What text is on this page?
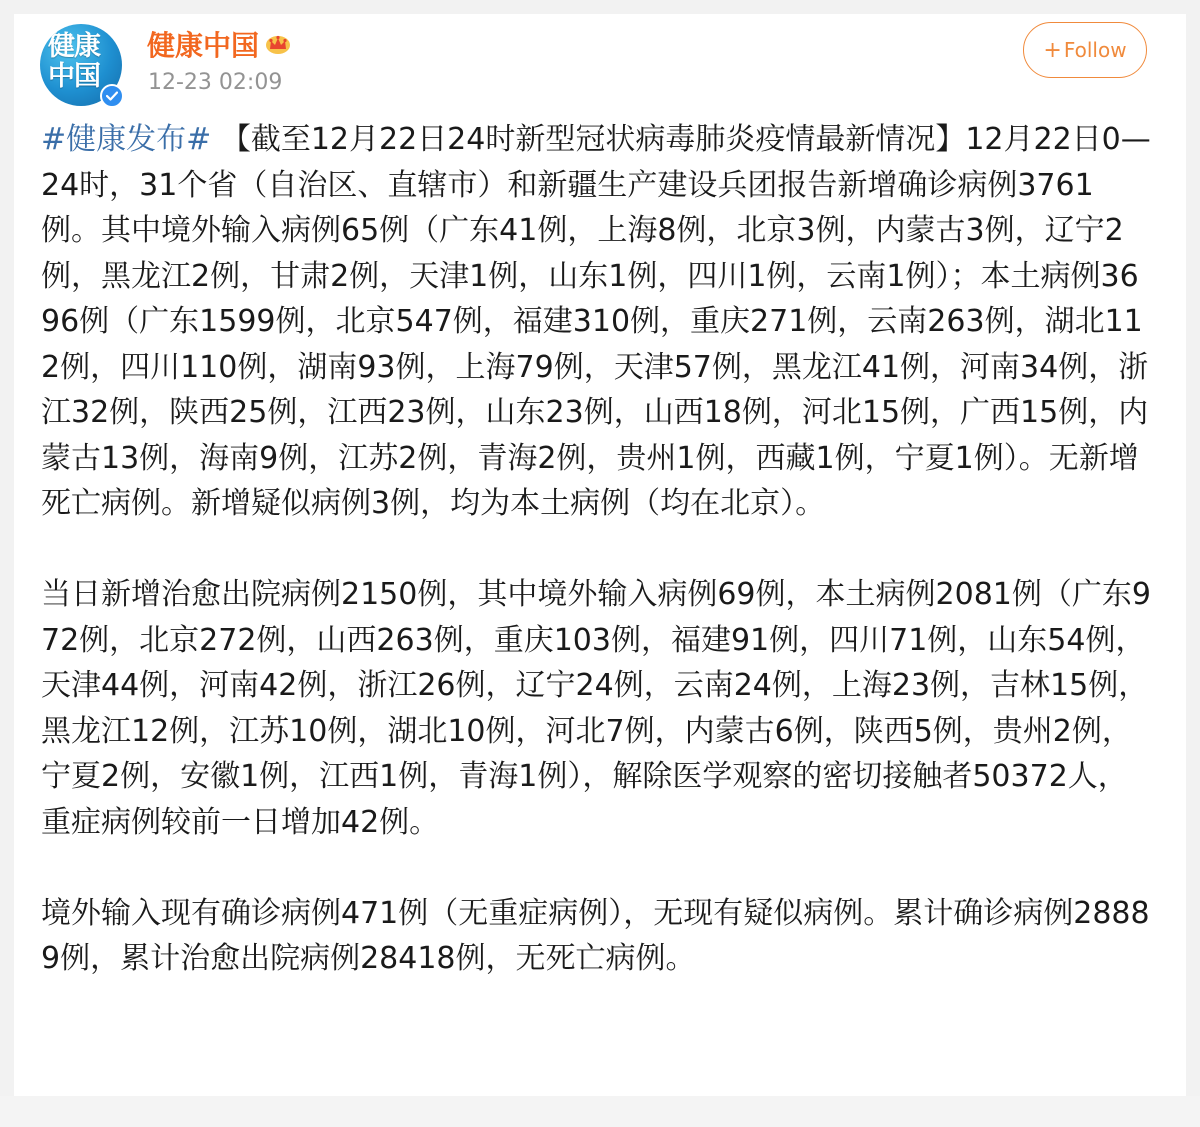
健康中国
健康中国
12-23 02:09
+ Follow

#健康发布# 【截至12月22日24时新型冠状病毒肺炎疫情最新情况】12月22日0—24时，31个省（自治区、直辖市）和新疆生产建设兵团报告新增确诊病例3761例。其中境外输入病例65例（广东41例，上海8例，北京3例，内蒙古3例，辽宁2例，黑龙江2例，甘肃2例，天津1例，山东1例，四川1例，云南1例）；本土病例3696例（广东1599例，北京547例，福建310例，重庆271例，云南263例，湖北112例，四川110例，湖南93例，上海79例，天津57例，黑龙江41例，河南34例，浙江32例，陕西25例，江西23例，山东23例，山西18例，河北15例，广西15例，内蒙古13例，海南9例，江苏2例，青海2例，贵州1例，西藏1例，宁夏1例）。无新增死亡病例。新增疑似病例3例，均为本土病例（均在北京）。

当日新增治愈出院病例2150例，其中境外输入病例69例，本土病例2081例（广东972例，北京272例，山西263例，重庆103例，福建91例，四川71例，山东54例，天津44例，河南42例，浙江26例，辽宁24例，云南24例，上海23例，吉林15例，黑龙江12例，江苏10例，湖北10例，河北7例，内蒙古6例，陕西5例，贵州2例，宁夏2例，安徽1例，江西1例，青海1例），解除医学观察的密切接触者50372人，重症病例较前一日增加42例。

境外输入现有确诊病例471例（无重症病例），无现有疑似病例。累计确诊病例28889例，累计治愈出院病例28418例，无死亡病例。
